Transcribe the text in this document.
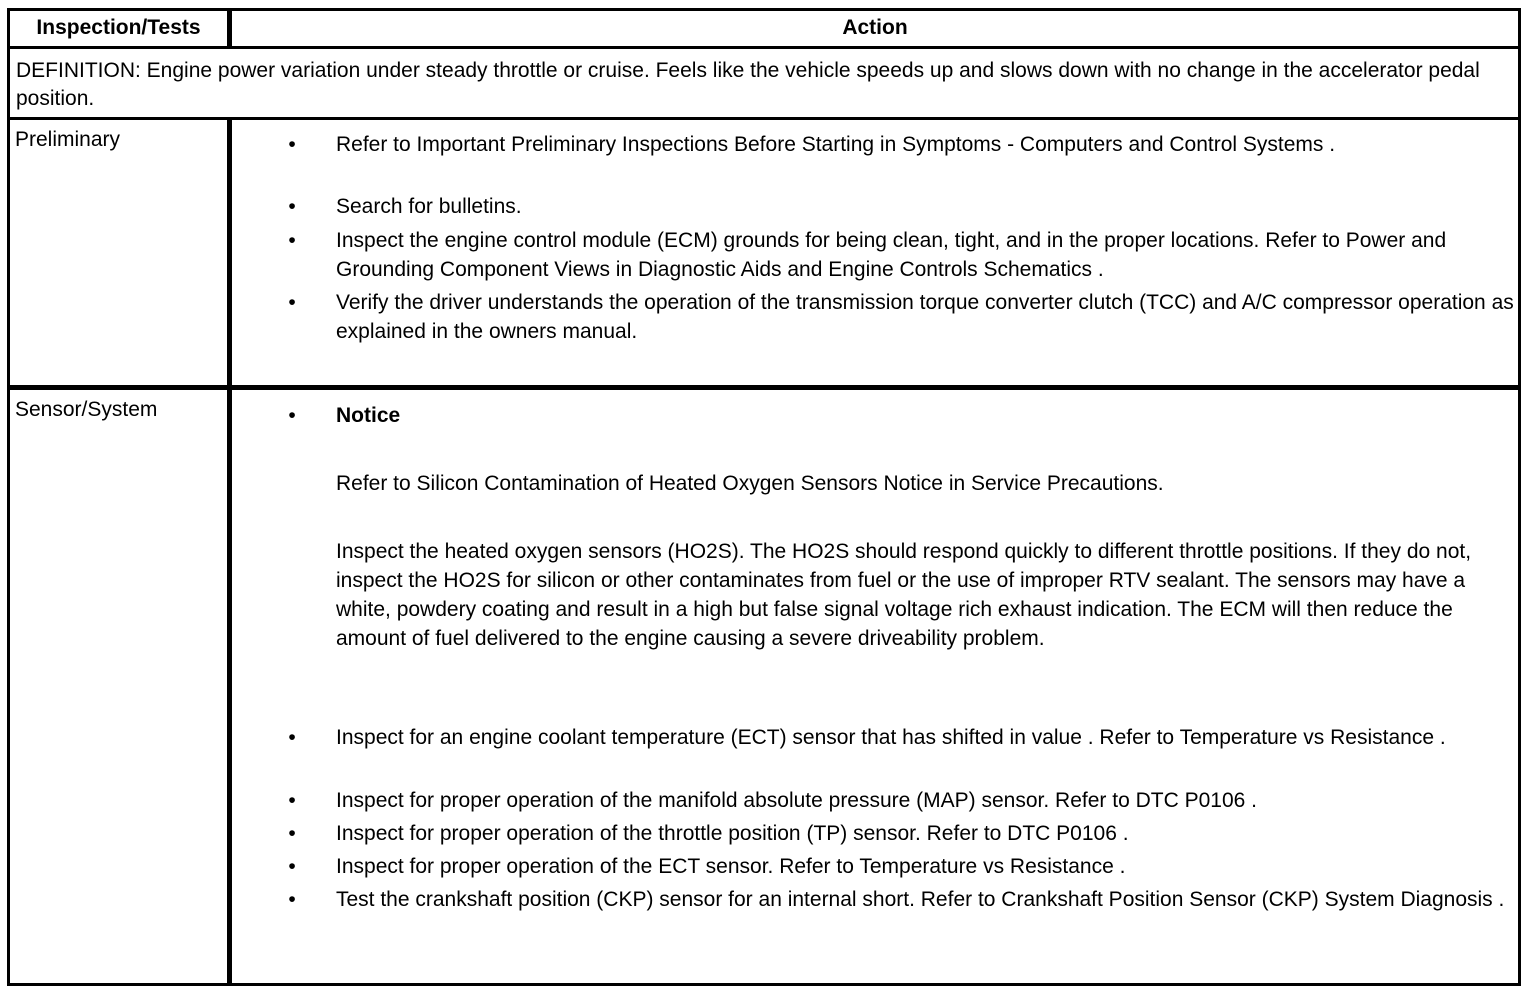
Inspection/Tests	Action
DEFINITION: Engine power variation under steady throttle or cruise. Feels like the vehicle speeds up and slows down with no change in the accelerator pedal position.
Preliminary	• Refer to Important Preliminary Inspections Before Starting in Symptoms - Computers and Control Systems .
• Search for bulletins.
• Inspect the engine control module (ECM) grounds for being clean, tight, and in the proper locations. Refer to Power and Grounding Component Views in Diagnostic Aids and Engine Controls Schematics .
• Verify the driver understands the operation of the transmission torque converter clutch (TCC) and A/C compressor operation as explained in the owners manual.
Sensor/System	• Notice
Refer to Silicon Contamination of Heated Oxygen Sensors Notice in Service Precautions.
Inspect the heated oxygen sensors (HO2S). The HO2S should respond quickly to different throttle positions. If they do not, inspect the HO2S for silicon or other contaminates from fuel or the use of improper RTV sealant. The sensors may have a white, powdery coating and result in a high but false signal voltage rich exhaust indication. The ECM will then reduce the amount of fuel delivered to the engine causing a severe driveability problem.
• Inspect for an engine coolant temperature (ECT) sensor that has shifted in value . Refer to Temperature vs Resistance .
• Inspect for proper operation of the manifold absolute pressure (MAP) sensor. Refer to DTC P0106 .
• Inspect for proper operation of the throttle position (TP) sensor. Refer to DTC P0106 .
• Inspect for proper operation of the ECT sensor. Refer to Temperature vs Resistance .
• Test the crankshaft position (CKP) sensor for an internal short. Refer to Crankshaft Position Sensor (CKP) System Diagnosis .
